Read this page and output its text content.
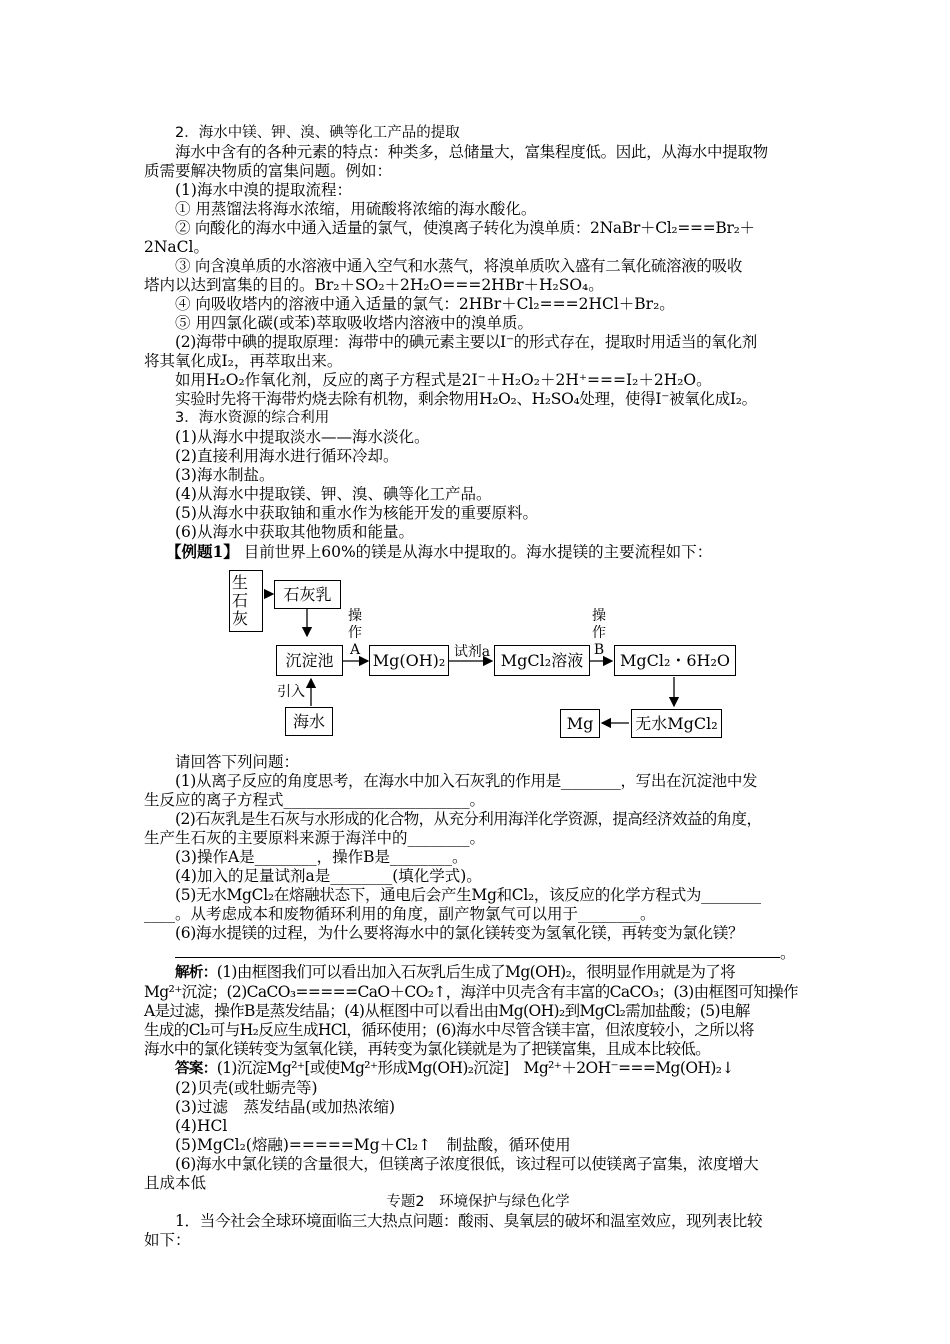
2．海水中镁、钾、溴、碘等化工产品的提取

海水中含有的各种元素的特点：种类多，总储量大，富集程度低。因此，从海水中提取物

质需要解决物质的富集问题。例如：

(1)海水中溴的提取流程：

① 用蒸馏法将海水浓缩，用硫酸将浓缩的海水酸化。

② 向酸化的海水中通入适量的氯气，使溴离子转化为溴单质：2NaBr＋Cl₂===Br₂＋

2NaCl。

③ 向含溴单质的水溶液中通入空气和水蒸气，将溴单质吹入盛有二氧化硫溶液的吸收

塔内以达到富集的目的。Br₂＋SO₂＋2H₂O===2HBr＋H₂SO₄。

④ 向吸收塔内的溶液中通入适量的氯气：2HBr＋Cl₂===2HCl＋Br₂。

⑤ 用四氯化碳(或苯)萃取吸收塔内溶液中的溴单质。

(2)海带中碘的提取原理：海带中的碘元素主要以I⁻的形式存在，提取时用适当的氧化剂

将其氧化成I₂，再萃取出来。

如用H₂O₂作氧化剂，反应的离子方程式是2I⁻＋H₂O₂＋2H⁺===I₂＋2H₂O。

实验时先将干海带灼烧去除有机物，剩余物用H₂O₂、H₂SO₄处理，使得I⁻被氧化成I₂。

3．海水资源的综合利用

(1)从海水中提取淡水——海水淡化。

(2)直接利用海水进行循环冷却。

(3)海水制盐。

(4)从海水中提取镁、钾、溴、碘等化工产品。

(5)从海水中获取铀和重水作为核能开发的重要原料。

(6)从海水中获取其他物质和能量。

【例题1】 目前世界上60%的镁是从海水中提取的。海水提镁的主要流程如下：

生石灰
石灰乳
沉淀池
海水
Mg(OH)₂	MgCl₂溶液	MgCl₂・6H₂O
无水MgCl₂
Mg
操作A	试剂a
操作B
引入

请回答下列问题：

(1)从离子反应的角度思考，在海水中加入石灰乳的作用是________，写出在沉淀池中发

生反应的离子方程式________________________。

(2)石灰乳是生石灰与水形成的化合物，从充分利用海洋化学资源，提高经济效益的角度，

生产生石灰的主要原料来源于海洋中的________。

(3)操作A是________，操作B是________。

(4)加入的足量试剂a是________(填化学式)。

(5)无水MgCl₂在熔融状态下，通电后会产生Mg和Cl₂，该反应的化学方程式为________

____。从考虑成本和废物循环利用的角度，副产物氯气可以用于________。

(6)海水提镁的过程，为什么要将海水中的氯化镁转变为氢氧化镁，再转变为氯化镁？

。

解析：(1)由框图我们可以看出加入石灰乳后生成了Mg(OH)₂，很明显作用就是为了将

Mg²⁺沉淀；(2)CaCO₃=====CaO＋CO₂↑，海洋中贝壳含有丰富的CaCO₃；(3)由框图可知操作

A是过滤，操作B是蒸发结晶；(4)从框图中可以看出由Mg(OH)₂到MgCl₂需加盐酸；(5)电解

生成的Cl₂可与H₂反应生成HCl，循环使用；(6)海水中尽管含镁丰富，但浓度较小，之所以将

海水中的氯化镁转变为氢氧化镁，再转变为氯化镁就是为了把镁富集，且成本比较低。

答案：(1)沉淀Mg²⁺[或使Mg²⁺形成Mg(OH)₂沉淀]　Mg²⁺＋2OH⁻===Mg(OH)₂↓

(2)贝壳(或牡蛎壳等)

(3)过滤　蒸发结晶(或加热浓缩)

(4)HCl

(5)MgCl₂(熔融)=====Mg＋Cl₂↑　制盐酸，循环使用

(6)海水中氯化镁的含量很大，但镁离子浓度很低，该过程可以使镁离子富集，浓度增大

且成本低

专题2　环境保护与绿色化学

1．当今社会全球环境面临三大热点问题：酸雨、臭氧层的破坏和温室效应，现列表比较

如下：
